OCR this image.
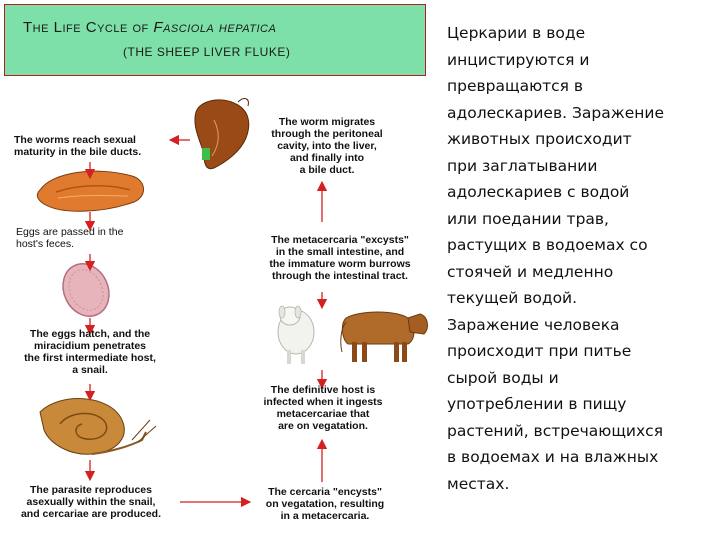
The Life Cycle of Fasciola hepatica
(THE SHEEP LIVER FLUKE)
The worms reach sexual
maturity in the bile ducts.
Eggs are passed in the
host's feces.
The eggs hatch, and the
miracidium penetrates
the first intermediate host,
a snail.
The parasite reproduces
asexually within the snail,
and cercariae are produced.
The cercaria "encysts"
on vegatation, resulting
in a metacercaria.
The definitive host is
infected when it ingests
metacercariae that
are on vegatation.
The metacercaria "excysts"
in the small intestine, and
the immature worm burrows
through the intestinal tract.
The worm migrates
through the peritoneal
cavity, into the liver,
and finally into
a bile duct.
Церкарии в воде
инцистируются и
превращаются в
адолескариев. Заражение
животных происходит
при заглатывании
адолескариев с водой
или поедании трав,
растущих в водоемах со
стоячей и медленно
текущей водой.
Заражение человека
происходит при питье
сырой воды и
употреблении в пищу
растений, встречающихся
в водоемах и на влажных
местах.
